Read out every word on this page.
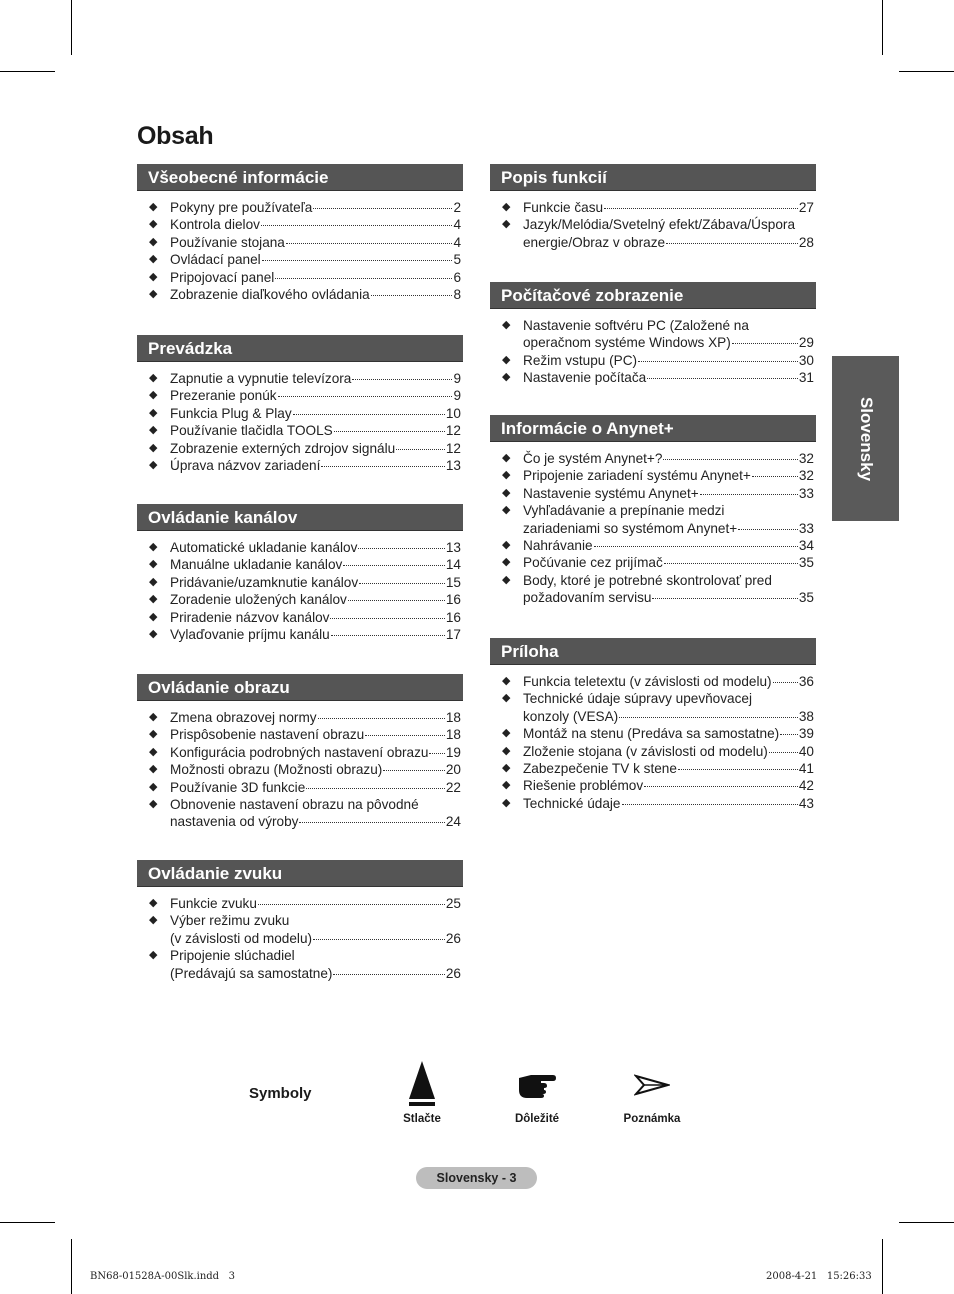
Obsah
Všeobecné informácie
◆ Pokyny pre používateľa	2
◆ Kontrola dielov	4
◆ Používanie stojana	4
◆ Ovládací panel	5
◆ Pripojovací panel	6
◆ Zobrazenie diaľkového ovládania	8
Prevádzka
◆ Zapnutie a vypnutie televízora	9
◆ Prezeranie ponúk	9
◆ Funkcia Plug & Play	10
◆ Používanie tlačidla TOOLS	12
◆ Zobrazenie externých zdrojov signálu	12
◆ Úprava názvov zariadení	13
Ovládanie kanálov
◆ Automatické ukladanie kanálov	13
◆ Manuálne ukladanie kanálov	14
◆ Pridávanie/uzamknutie kanálov	15
◆ Zoradenie uložených kanálov	16
◆ Priradenie názvov kanálov	16
◆ Vylaďovanie príjmu kanálu	17
Ovládanie obrazu
◆ Zmena obrazovej normy	18
◆ Prispôsobenie nastavení obrazu	18
◆ Konfigurácia podrobných nastavení obrazu 19
◆ Možnosti obrazu (Možnosti obrazu)	20
◆ Používanie 3D funkcie	22
◆ Obnovenie nastavení obrazu na pôvodné
nastavenia od výroby	24
Ovládanie zvuku
◆ Funkcie zvuku	25
◆ Výber režimu zvuku
(v závislosti od modelu)	26
◆ Pripojenie slúchadiel
(Predávajú sa samostatne)	26
Popis funkcií
◆ Funkcie času	27
◆ Jazyk/Melódia/Svetelný efekt/Zábava/Úspora
energie/Obraz v obraze	28
Počítačové zobrazenie
◆ Nastavenie softvéru PC (Založené na
operačnom systéme Windows XP)	29
◆ Režim vstupu (PC)	30
◆ Nastavenie počítača	31
Informácie o Anynet+
◆ Čo je systém Anynet+?	32
◆ Pripojenie zariadení systému Anynet+	32
◆ Nastavenie systému Anynet+	33
◆ Vyhľadávanie a prepínanie medzi
zariadeniami so systémom Anynet+	33
◆ Nahrávanie	34
◆ Počúvanie cez prijímač	35
◆ Body, ktoré je potrebné skontrolovať pred
požadovaním servisu	35
Príloha
◆ Funkcia teletextu (v závislosti od modelu) 36
◆ Technické údaje súpravy upevňovacej
konzoly (VESA)	38
◆ Montáž na stenu (Predáva sa samostatne) 39
◆ Zloženie stojana (v závislosti od modelu) 40
◆ Zabezpečenie TV k stene	41
◆ Riešenie problémov	42
◆ Technické údaje	43
Slovensky
Symboly
Stlačte	Dôležité	Poznámka
Slovensky - 3
BN68-01528A-00Slk.indd   3	2008-4-21   15:26:33
